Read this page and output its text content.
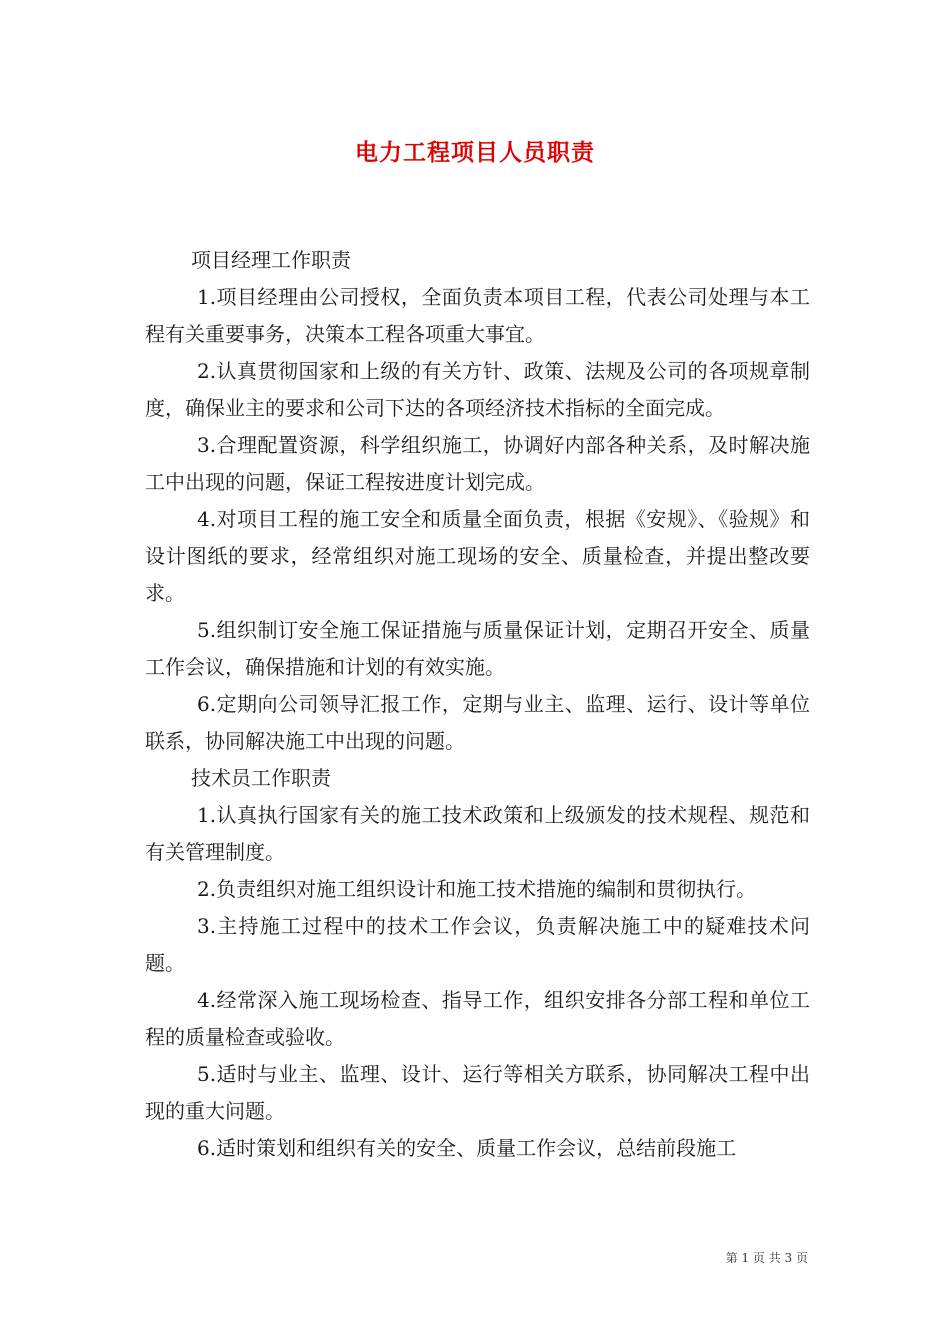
电力工程项目人员职责

项目经理工作职责

1.项目经理由公司授权，全面负责本项目工程，代表公司处理与本工程有关重要事务，决策本工程各项重大事宜。

2.认真贯彻国家和上级的有关方针、政策、法规及公司的各项规章制度，确保业主的要求和公司下达的各项经济技术指标的全面完成。

3.合理配置资源，科学组织施工，协调好内部各种关系，及时解决施工中出现的问题，保证工程按进度计划完成。

4.对项目工程的施工安全和质量全面负责，根据《安规》、《验规》和设计图纸的要求，经常组织对施工现场的安全、质量检查，并提出整改要求。

5.组织制订安全施工保证措施与质量保证计划，定期召开安全、质量工作会议，确保措施和计划的有效实施。

6.定期向公司领导汇报工作，定期与业主、监理、运行、设计等单位联系，协同解决施工中出现的问题。

技术员工作职责

1.认真执行国家有关的施工技术政策和上级颁发的技术规程、规范和有关管理制度。

2.负责组织对施工组织设计和施工技术措施的编制和贯彻执行。

3.主持施工过程中的技术工作会议，负责解决施工中的疑难技术问题。

4.经常深入施工现场检查、指导工作，组织安排各分部工程和单位工程的质量检查或验收。

5.适时与业主、监理、设计、运行等相关方联系，协同解决工程中出现的重大问题。

6.适时策划和组织有关的安全、质量工作会议，总结前段施工

第 1 页 共 3 页
